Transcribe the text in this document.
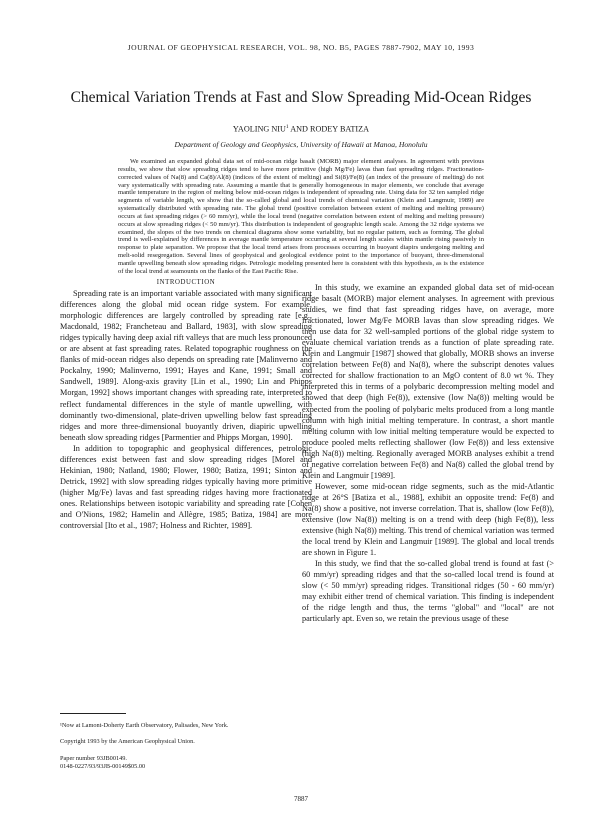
JOURNAL OF GEOPHYSICAL RESEARCH, VOL. 98, NO. B5, PAGES 7887-7902, MAY 10, 1993
Chemical Variation Trends at Fast and Slow Spreading Mid-Ocean Ridges
YAOLING NIU$^1$ AND RODEY BATIZA
Department of Geology and Geophysics, University of Hawaii at Manoa, Honolulu

We examined an expanded global data set of mid-ocean ridge basalt (MORB) major element analyses. In agreement with previous results, we show that slow spreading ridges tend to have more primitive (high Mg/Fe) lavas than fast spreading ridges. Fractionation-corrected values of Na(8) and Ca(8)/Al(8) (indices of the extent of melting) and Si(8)/Fe(8) (an index of the pressure of melting) do not vary systematically with spreading rate. Assuming a mantle that is generally homogeneous in major elements, we conclude that average mantle temperature in the region of melting below mid-ocean ridges is independent of spreading rate. Using data for 32 ten sampled ridge segments of variable length, we show that the so-called global and local trends of chemical variation (Klein and Langmuir, 1989) are systematically distributed with spreading rate. The global trend (positive correlation between extent of melting and melting pressure) occurs at fast spreading ridges (> 60 mm/yr), while the local trend (negative correlation between extent of melting and melting pressure) occurs at slow spreading ridges (< 50 mm/yr). This distribution is independent of geographic length scale. Among the 32 ridge systems we examined, the slopes of the two trends on chemical diagrams show some variability, but no regular pattern, such as forming. The global trend is well-explained by differences in average mantle temperature occurring at several length scales within mantle rising passively in response to plate separation. We propose that the local trend arises from processes occurring in buoyant diapirs undergoing melting and melt-solid resegregation. Several lines of geophysical and geological evidence point to the importance of buoyant, three-dimensional mantle upwelling beneath slow spreading ridges. Petrologic modeling presented here is consistent with this hypothesis, as is the existence of the local trend at seamounts on the flanks of the East Pacific Rise.

INTRODUCTION

Spreading rate is an important variable associated with many significant differences along the global mid ocean ridge system. For example, morphologic differences are largely controlled by spreading rate [e.g., Macdonald, 1982; Francheteau and Ballard, 1983], with slow spreading ridges typically having deep axial rift valleys that are much less pronounced or are absent at fast spreading rates. Related topographic roughness on the flanks of mid-ocean ridges also depends on spreading rate [Malinverno and Pockalny, 1990; Malinverno, 1991; Hayes and Kane, 1991; Small and Sandwell, 1989]. Along-axis gravity [Lin et al., 1990; Lin and Phipps Morgan, 1992] shows important changes with spreading rate, interpreted to reflect fundamental differences in the style of mantle upwelling, with dominantly two-dimensional, plate-driven upwelling below fast spreading ridges and more three-dimensional buoyantly driven, diapiric upwelling beneath slow spreading ridges [Parmentier and Phipps Morgan, 1990].

In addition to topographic and geophysical differences, petrologic differences exist between fast and slow spreading ridges [Morel and Hekinian, 1980; Natland, 1980; Flower, 1980; Batiza, 1991; Sinton and Detrick, 1992] with slow spreading ridges typically having more primitive (higher Mg/Fe) lavas and fast spreading ridges having more fractionated ones. Relationships between isotopic variability and spreading rate [Cohen and O'Nions, 1982; Hamelin and Allègre, 1985; Batiza, 1984] are more controversial [Ito et al., 1987; Holness and Richter, 1989].

In this study, we examine an expanded global data set of mid-ocean ridge basalt (MORB) major element analyses. In agreement with previous studies, we find that fast spreading ridges have, on average, more fractionated, lower Mg/Fe MORB lavas than slow spreading ridges. We then use data for 32 well-sampled portions of the global ridge system to evaluate chemical variation trends as a function of plate spreading rate. Klein and Langmuir [1987] showed that globally, MORB shows an inverse correlation between Fe(8) and Na(8), where the subscript denotes values corrected for shallow fractionation to an MgO content of 8.0 wt %. They interpreted this in terms of a polybaric decompression melting model and showed that deep (high Fe(8)), extensive (low Na(8)) melting would be expected from the pooling of polybaric melts produced from a long mantle column with high initial melting temperature. In contrast, a short mantle melting column with low initial melting temperature would be expected to produce pooled melts reflecting shallower (low Fe(8)) and less extensive (high Na(8)) melting. Regionally averaged MORB analyses exhibit a trend of negative correlation between Fe(8) and Na(8) called the global trend by Klein and Langmuir [1989].

However, some mid-ocean ridge segments, such as the mid-Atlantic ridge at 26°S [Batiza et al., 1988], exhibit an opposite trend: Fe(8) and Na(8) show a positive, not inverse correlation. That is, shallow (low Fe(8)), extensive (low Na(8)) melting is on a trend with deep (high Fe(8)), less extensive (high Na(8)) melting. This trend of chemical variation was termed the local trend by Klein and Langmuir [1989]. The global and local trends are shown in Figure 1.

In this study, we find that the so-called global trend is found at fast (> 60 mm/yr) spreading ridges and that the so-called local trend is found at slow (< 50 mm/yr) spreading ridges. Transitional ridges (50 - 60 mm/yr) may exhibit either trend of chemical variation. This finding is independent of the ridge length and thus, the terms "global" and "local" are not particularly apt. Even so, we retain the previous usage of these

¹Now at Lamont-Doherty Earth Observatory, Palisades, New York.
Copyright 1993 by the American Geophysical Union.
Paper number 93JB00149.
0148-0227/93/93JB-00149$05.00
7887
